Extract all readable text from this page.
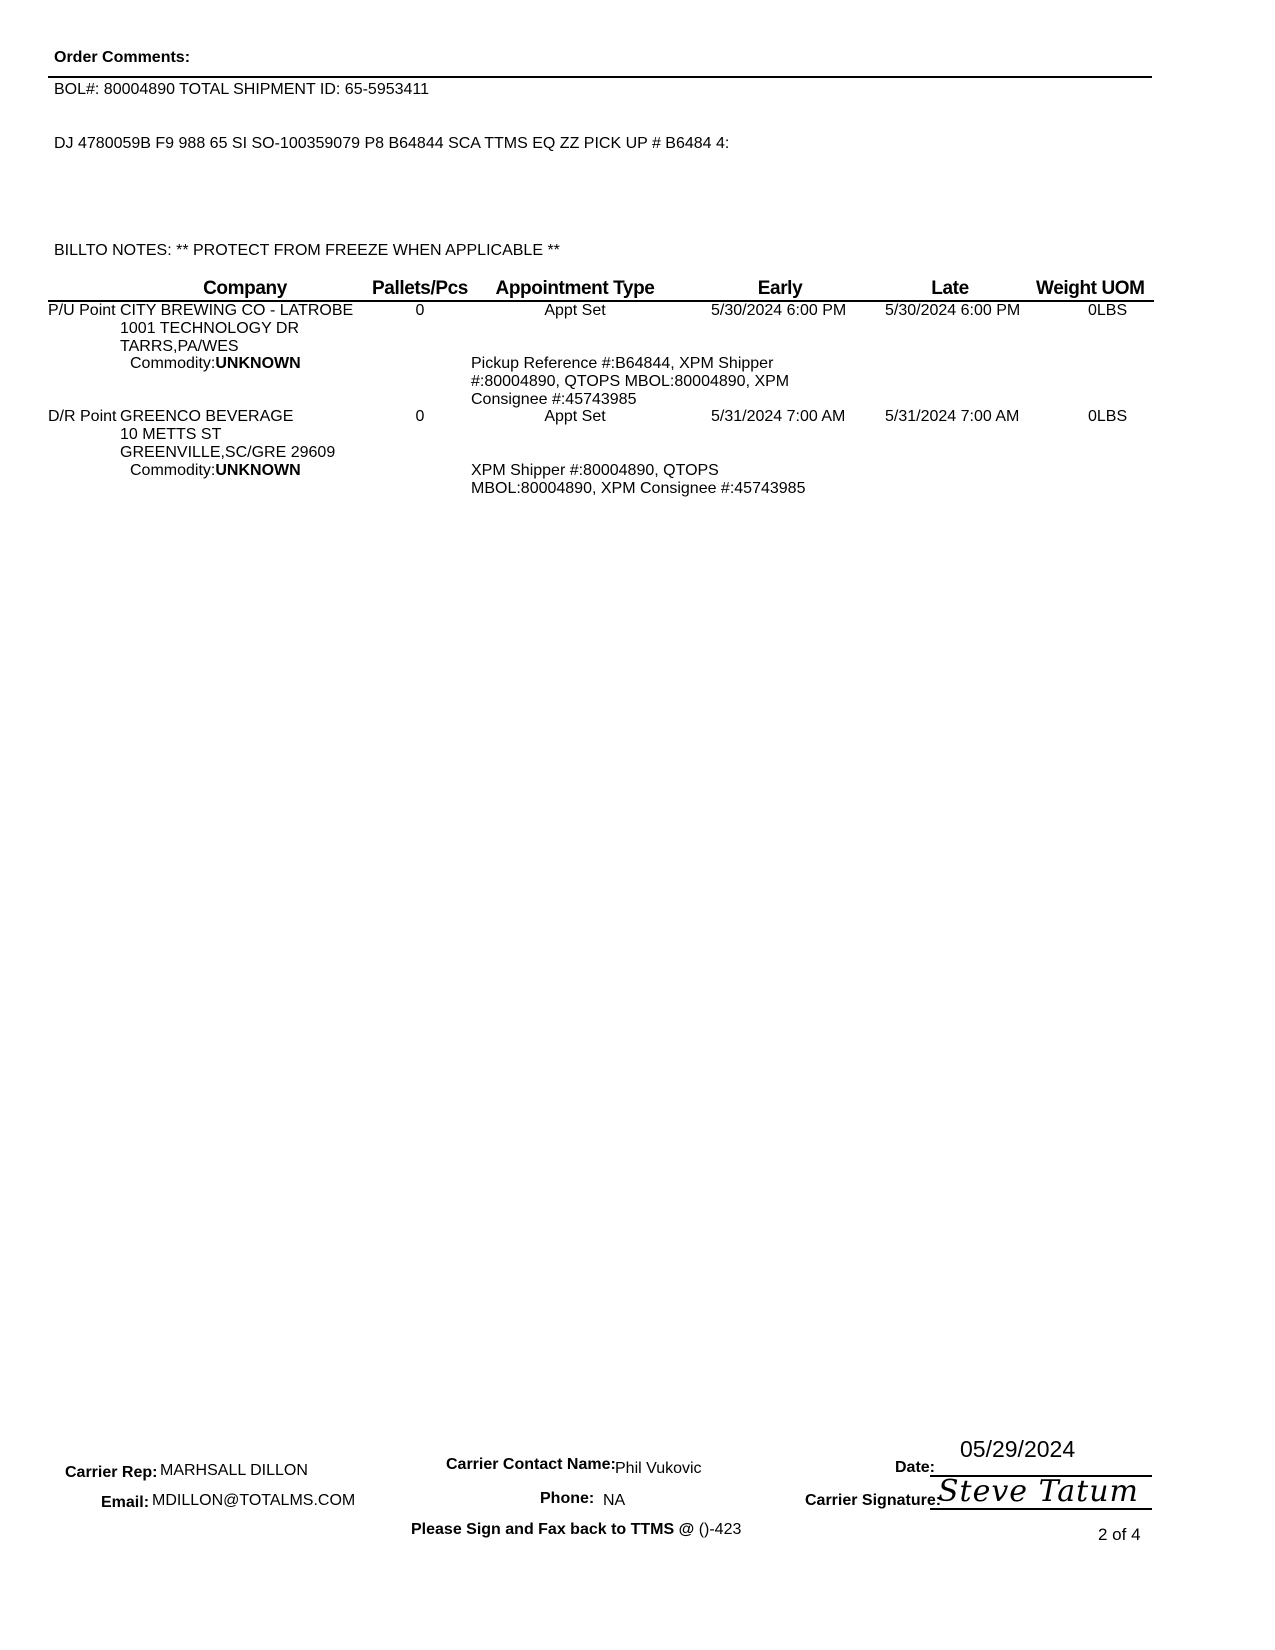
Order Comments:
BOL#: 80004890 TOTAL SHIPMENT ID: 65-5953411
DJ 4780059B F9 988 65 SI SO-100359079 P8 B64844 SCA TTMS EQ ZZ PICK UP # B6484 4:
BILLTO NOTES: ** PROTECT FROM FREEZE WHEN APPLICABLE **
Company	Pallets/Pcs Appointment Type	Early	Late	Weight UOM
P/U Point CITY BREWING CO - LATROBE
1001 TECHNOLOGY DR
TARRS,PA/WES
Commodity:UNKNOWN
0	Appt Set	5/30/2024 6:00 PM 5/30/2024 6:00 PM	0LBS
Pickup Reference #:B64844, XPM Shipper
#:80004890, QTOPS MBOL:80004890, XPM
Consignee #:45743985
D/R Point GREENCO BEVERAGE
10 METTS ST
GREENVILLE,SC/GRE 29609
Commodity:UNKNOWN
0	Appt Set	5/31/2024 7:00 AM 5/31/2024 7:00 AM	0LBS
XPM Shipper #:80004890, QTOPS
MBOL:80004890, XPM Consignee #:45743985
Carrier Rep: MARHSALL DILLON
Email: MDILLON@TOTALMS.COM
Carrier Contact Name: Phil Vukovic
Phone: NA
Please Sign and Fax back to TTMS @ ()-423
Date:
05/29/2024
Carrier Signature:
Steve Tatum
2 of 4
